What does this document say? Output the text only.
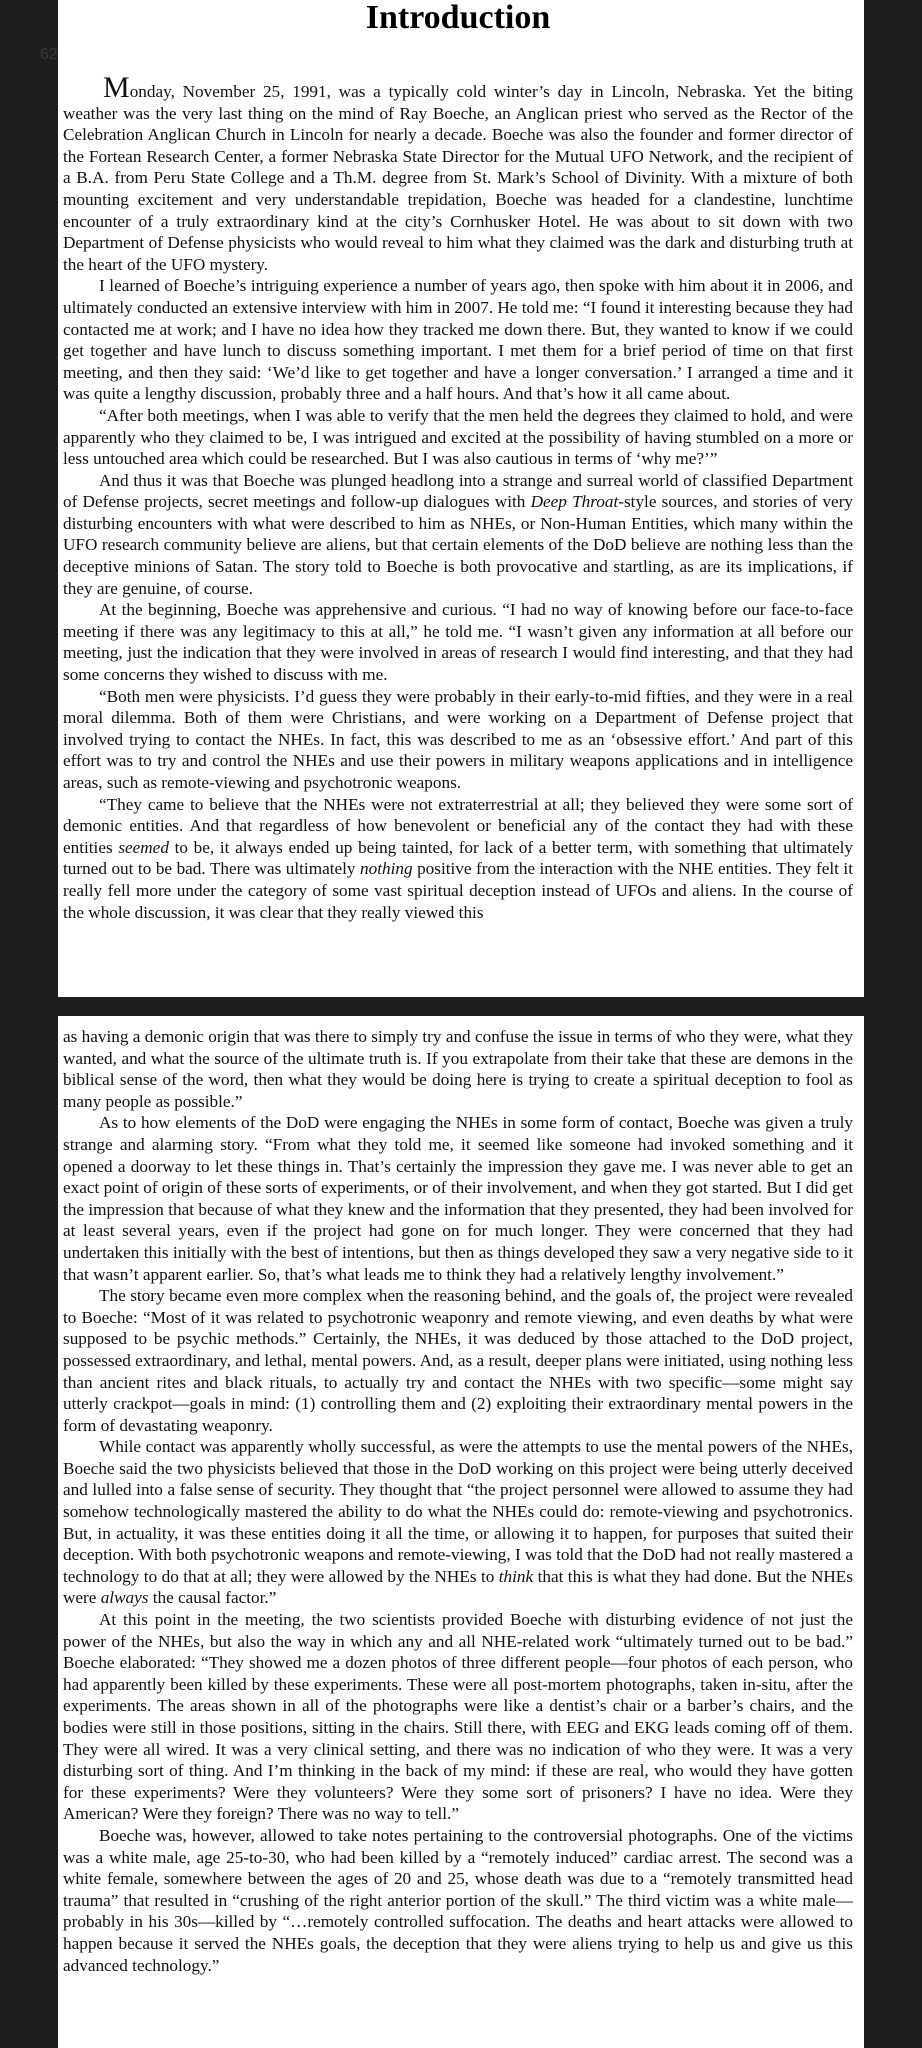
62
Introduction

Monday, November 25, 1991, was a typically cold winter’s day in Lincoln, Nebraska. Yet the biting weather was the very last thing on the mind of Ray Boeche, an Anglican priest who served as the Rector of the Celebration Anglican Church in Lincoln for nearly a decade. Boeche was also the founder and former director of the Fortean Research Center, a former Nebraska State Director for the Mutual UFO Network, and the recipient of a B.A. from Peru State College and a Th.M. degree from St. Mark’s School of Divinity. With a mixture of both mounting excitement and very understandable trepidation, Boeche was headed for a clandestine, lunchtime encounter of a truly extraordinary kind at the city’s Cornhusker Hotel. He was about to sit down with two Department of Defense physicists who would reveal to him what they claimed was the dark and disturbing truth at the heart of the UFO mystery.

I learned of Boeche’s intriguing experience a number of years ago, then spoke with him about it in 2006, and ultimately conducted an extensive interview with him in 2007. He told me: “I found it interesting because they had contacted me at work; and I have no idea how they tracked me down there. But, they wanted to know if we could get together and have lunch to discuss something important. I met them for a brief period of time on that first meeting, and then they said: ‘We’d like to get together and have a longer conversation.’ I arranged a time and it was quite a lengthy discussion, probably three and a half hours. And that’s how it all came about.

“After both meetings, when I was able to verify that the men held the degrees they claimed to hold, and were apparently who they claimed to be, I was intrigued and excited at the possibility of having stumbled on a more or less untouched area which could be researched. But I was also cautious in terms of ‘why me?’”

And thus it was that Boeche was plunged headlong into a strange and surreal world of classified Department of Defense projects, secret meetings and follow-up dialogues with Deep Throat-style sources, and stories of very disturbing encounters with what were described to him as NHEs, or Non-Human Entities, which many within the UFO research community believe are aliens, but that certain elements of the DoD believe are nothing less than the deceptive minions of Satan. The story told to Boeche is both provocative and startling, as are its implications, if they are genuine, of course.

At the beginning, Boeche was apprehensive and curious. “I had no way of knowing before our face-to-face meeting if there was any legitimacy to this at all,” he told me. “I wasn’t given any information at all before our meeting, just the indication that they were involved in areas of research I would find interesting, and that they had some concerns they wished to discuss with me.

“Both men were physicists. I’d guess they were probably in their early-to-mid fifties, and they were in a real moral dilemma. Both of them were Christians, and were working on a Department of Defense project that involved trying to contact the NHEs. In fact, this was described to me as an ‘obsessive effort.’ And part of this effort was to try and control the NHEs and use their powers in military weapons applications and in intelligence areas, such as remote-viewing and psychotronic weapons.

“They came to believe that the NHEs were not extraterrestrial at all; they believed they were some sort of demonic entities. And that regardless of how benevolent or beneficial any of the contact they had with these entities seemed to be, it always ended up being tainted, for lack of a better term, with something that ultimately turned out to be bad. There was ultimately nothing positive from the interaction with the NHE entities. They felt it really fell more under the category of some vast spiritual deception instead of UFOs and aliens. In the course of the whole discussion, it was clear that they really viewed this

as having a demonic origin that was there to simply try and confuse the issue in terms of who they were, what they wanted, and what the source of the ultimate truth is. If you extrapolate from their take that these are demons in the biblical sense of the word, then what they would be doing here is trying to create a spiritual deception to fool as many people as possible.”

As to how elements of the DoD were engaging the NHEs in some form of contact, Boeche was given a truly strange and alarming story. “From what they told me, it seemed like someone had invoked something and it opened a doorway to let these things in. That’s certainly the impression they gave me. I was never able to get an exact point of origin of these sorts of experiments, or of their involvement, and when they got started. But I did get the impression that because of what they knew and the information that they presented, they had been involved for at least several years, even if the project had gone on for much longer. They were concerned that they had undertaken this initially with the best of intentions, but then as things developed they saw a very negative side to it that wasn’t apparent earlier. So, that’s what leads me to think they had a relatively lengthy involvement.”

The story became even more complex when the reasoning behind, and the goals of, the project were revealed to Boeche: “Most of it was related to psychotronic weaponry and remote viewing, and even deaths by what were supposed to be psychic methods.” Certainly, the NHEs, it was deduced by those attached to the DoD project, possessed extraordinary, and lethal, mental powers. And, as a result, deeper plans were initiated, using nothing less than ancient rites and black rituals, to actually try and contact the NHEs with two specific—some might say utterly crackpot—goals in mind: (1) controlling them and (2) exploiting their extraordinary mental powers in the form of devastating weaponry.

While contact was apparently wholly successful, as were the attempts to use the mental powers of the NHEs, Boeche said the two physicists believed that those in the DoD working on this project were being utterly deceived and lulled into a false sense of security. They thought that “the project personnel were allowed to assume they had somehow technologically mastered the ability to do what the NHEs could do: remote-viewing and psychotronics. But, in actuality, it was these entities doing it all the time, or allowing it to happen, for purposes that suited their deception. With both psychotronic weapons and remote-viewing, I was told that the DoD had not really mastered a technology to do that at all; they were allowed by the NHEs to think that this is what they had done. But the NHEs were always the causal factor.”

At this point in the meeting, the two scientists provided Boeche with disturbing evidence of not just the power of the NHEs, but also the way in which any and all NHE-related work “ultimately turned out to be bad.” Boeche elaborated: “They showed me a dozen photos of three different people—four photos of each person, who had apparently been killed by these experiments. These were all post-mortem photographs, taken in-situ, after the experiments. The areas shown in all of the photographs were like a dentist’s chair or a barber’s chairs, and the bodies were still in those positions, sitting in the chairs. Still there, with EEG and EKG leads coming off of them. They were all wired. It was a very clinical setting, and there was no indication of who they were. It was a very disturbing sort of thing. And I’m thinking in the back of my mind: if these are real, who would they have gotten for these experiments? Were they volunteers? Were they some sort of prisoners? I have no idea. Were they American? Were they foreign? There was no way to tell.”

Boeche was, however, allowed to take notes pertaining to the controversial photographs. One of the victims was a white male, age 25-to-30, who had been killed by a “remotely induced” cardiac arrest. The second was a white female, somewhere between the ages of 20 and 25, whose death was due to a “remotely transmitted head trauma” that resulted in “crushing of the right anterior portion of the skull.” The third victim was a white male—probably in his 30s—killed by “…remotely controlled suffocation. The deaths and heart attacks were allowed to happen because it served the NHEs goals, the deception that they were aliens trying to help us and give us this advanced technology.”
